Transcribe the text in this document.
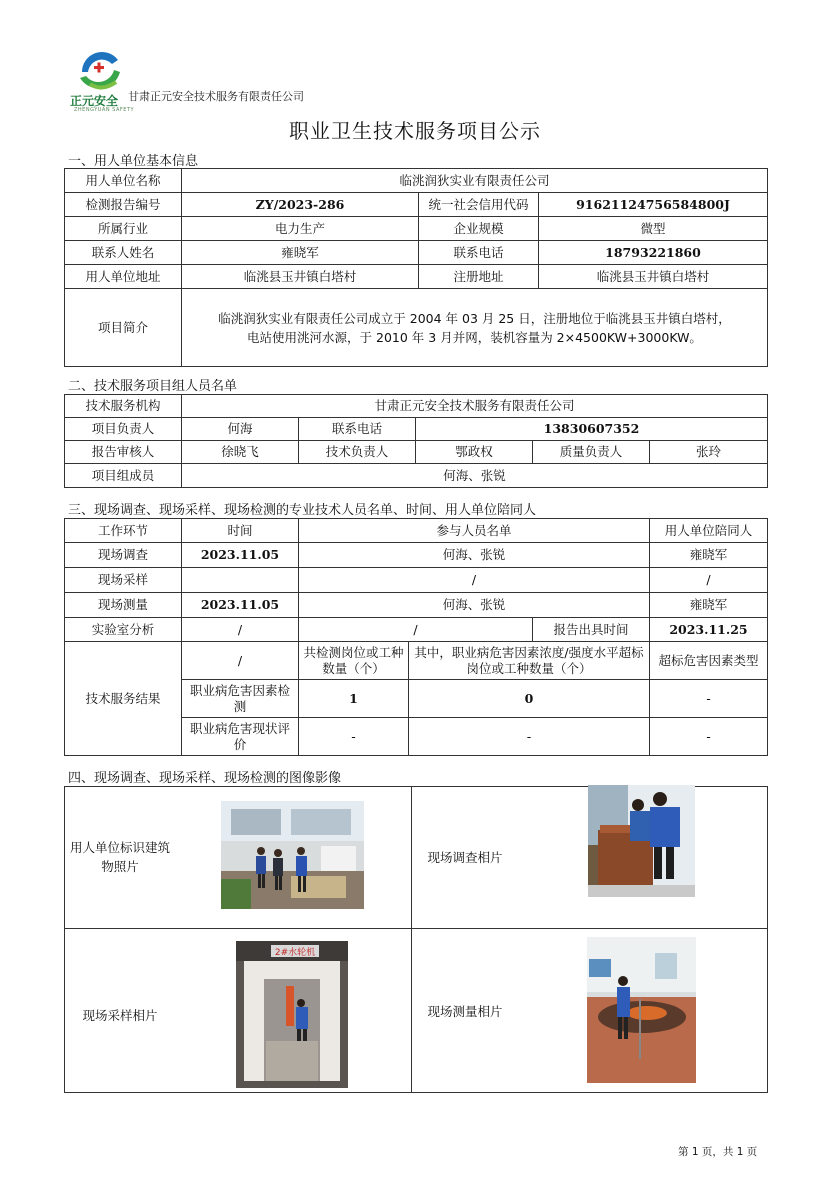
正元安全
ZHENGYUAN SAFETY
甘肃正元安全技术服务有限责任公司
职业卫生技术服务项目公示
一、用人单位基本信息
用人单位名称	临洮润狄实业有限责任公司		
检测报告编号	ZY/2023-286	统一社会信用代码	91621124756584800J
所属行业	电力生产	企业规模	微型
联系人姓名	雍晓军	联系电话	18793221860
用人单位地址	临洮县玉井镇白塔村	注册地址	临洮县玉井镇白塔村
项目简介	临洮润狄实业有限责任公司成立于 2004 年 03 月 25 日，注册地位于临洮县玉井镇白塔村，
电站使用洮河水源，于 2010 年 3 月并网，装机容量为 2×4500KW+3000KW。		
二、技术服务项目组人员名单
技术服务机构	甘肃正元安全技术服务有限责任公司				
项目负责人	何海	联系电话	13830607352		
报告审核人	徐晓飞	技术负责人	鄂政权	质量负责人	张玲
项目组成员	何海、张锐				
三、现场调查、现场采样、现场检测的专业技术人员名单、时间、用人单位陪同人
工作环节	时间	参与人员名单			用人单位陪同人
现场调查	2023.11.05	何海、张锐			雍晓军
现场采样		/			/
现场测量	2023.11.05	何海、张锐			雍晓军
实验室分析	/	/		报告出具时间	2023.11.25
技术服务结果	/	共检测岗位或工种数量（个）	其中，职业病危害因素浓度/强度水平超标岗位或工种数量（个）		超标危害因素类型
	职业病危害因素检测	1	0		-
	职业病危害现状评价	-	-		-
四、现场调查、现场采样、现场检测的图像影像

用人单位标识建筑物照片
现场调查相片
现场采样相片	现场测量相片
2#水轮机
第 1 页，共 1 页
